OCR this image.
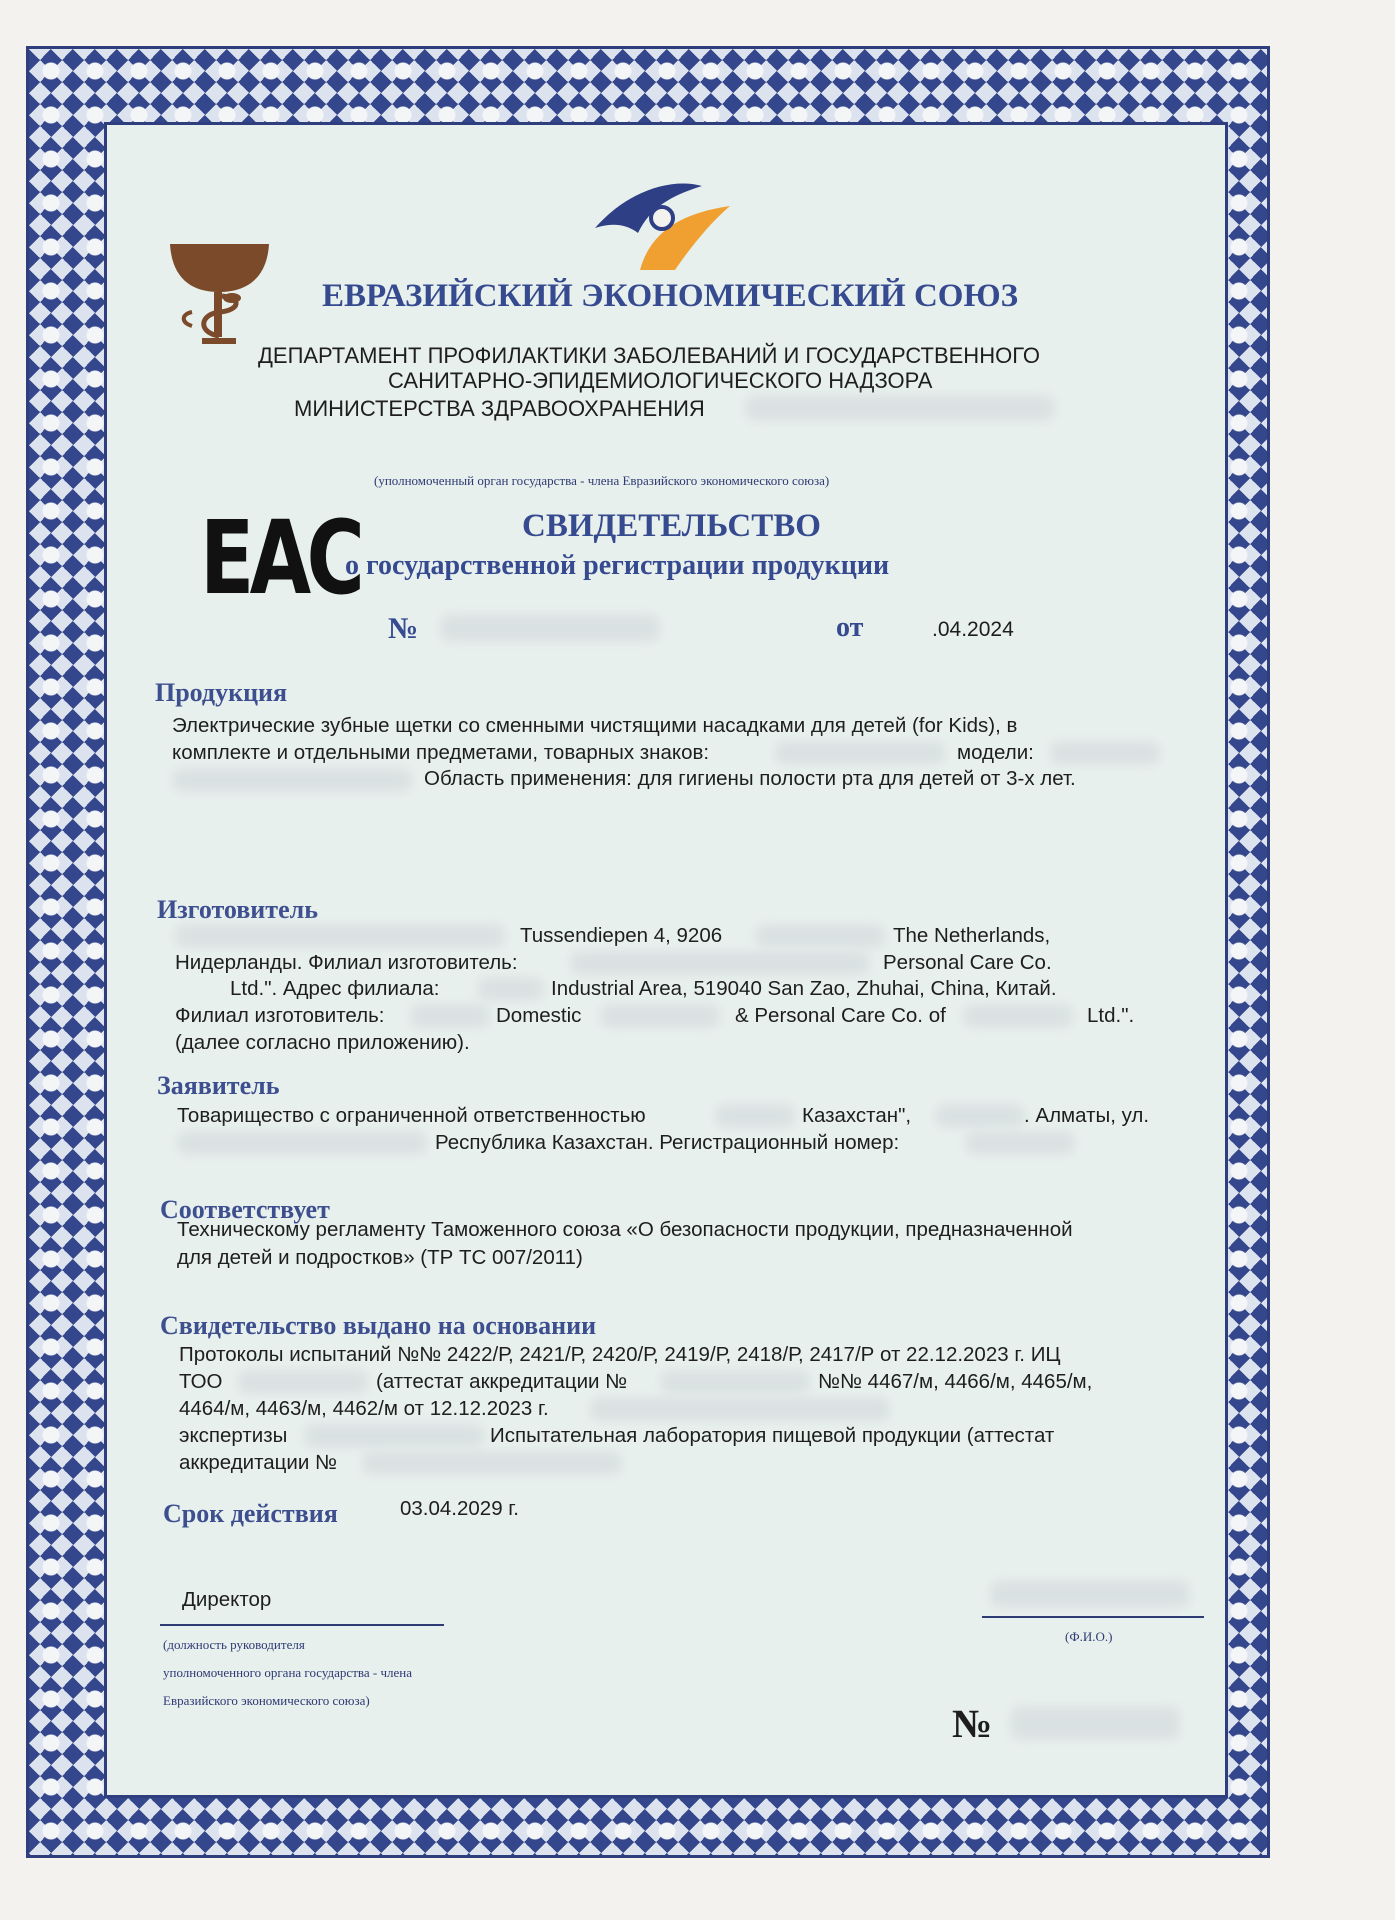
ЕВРАЗИЙСКИЙ ЭКОНОМИЧЕСКИЙ СОЮЗ
ДЕПАРТАМЕНТ ПРОФИЛАКТИКИ ЗАБОЛЕВАНИЙ И ГОСУДАРСТВЕННОГО
САНИТАРНО-ЭПИДЕМИОЛОГИЧЕСКОГО НАДЗОРА
МИНИСТЕРСТВА ЗДРАВООХРАНЕНИЯ
(уполномоченный орган государства - члена Евразийского экономического союза)
ЕАС	СВИДЕТЕЛЬСТВО
о государственной регистрации продукции
№	от	.04.2024
Продукция
Электрические зубные щетки со сменными чистящими насадками для детей (for Kids), в
комплекте и отдельными предметами, товарных знаков:	модели:
Область применения: для гигиены полости рта для детей от 3-х лет.
Изготовитель
Tussendiepen 4, 9206	The Netherlands,
Нидерланды. Филиал изготовитель:	Personal Care Co.
Ltd.". Адрес филиала:	Industrial Area, 519040 San Zao, Zhuhai, China, Китай.
Филиал изготовитель:	Domestic	& Personal Care Co. of	Ltd.".
(далее согласно приложению).
Заявитель
Товарищество с ограниченной ответственностью	Казахстан",	. Алматы, ул.
Республика Казахстан. Регистрационный номер:
Соответствует
Техническому регламенту Таможенного союза «О безопасности продукции, предназначенной
для детей и подростков» (ТР ТС 007/2011)
Свидетельство выдано на основании
Протоколы испытаний №№ 2422/Р, 2421/Р, 2420/Р, 2419/Р, 2418/Р, 2417/Р от 22.12.2023 г. ИЦ
ТОО	(аттестат аккредитации №	№№ 4467/м, 4466/м, 4465/м,
4464/м, 4463/м, 4462/м от 12.12.2023 г.
экспертизы	Испытательная лаборатория пищевой продукции (аттестат
аккредитации №
Срок действия	03.04.2029 г.
Директор
(должность руководителя
уполномоченного органа государства - члена
Евразийского экономического союза)
(Ф.И.О.)
№
